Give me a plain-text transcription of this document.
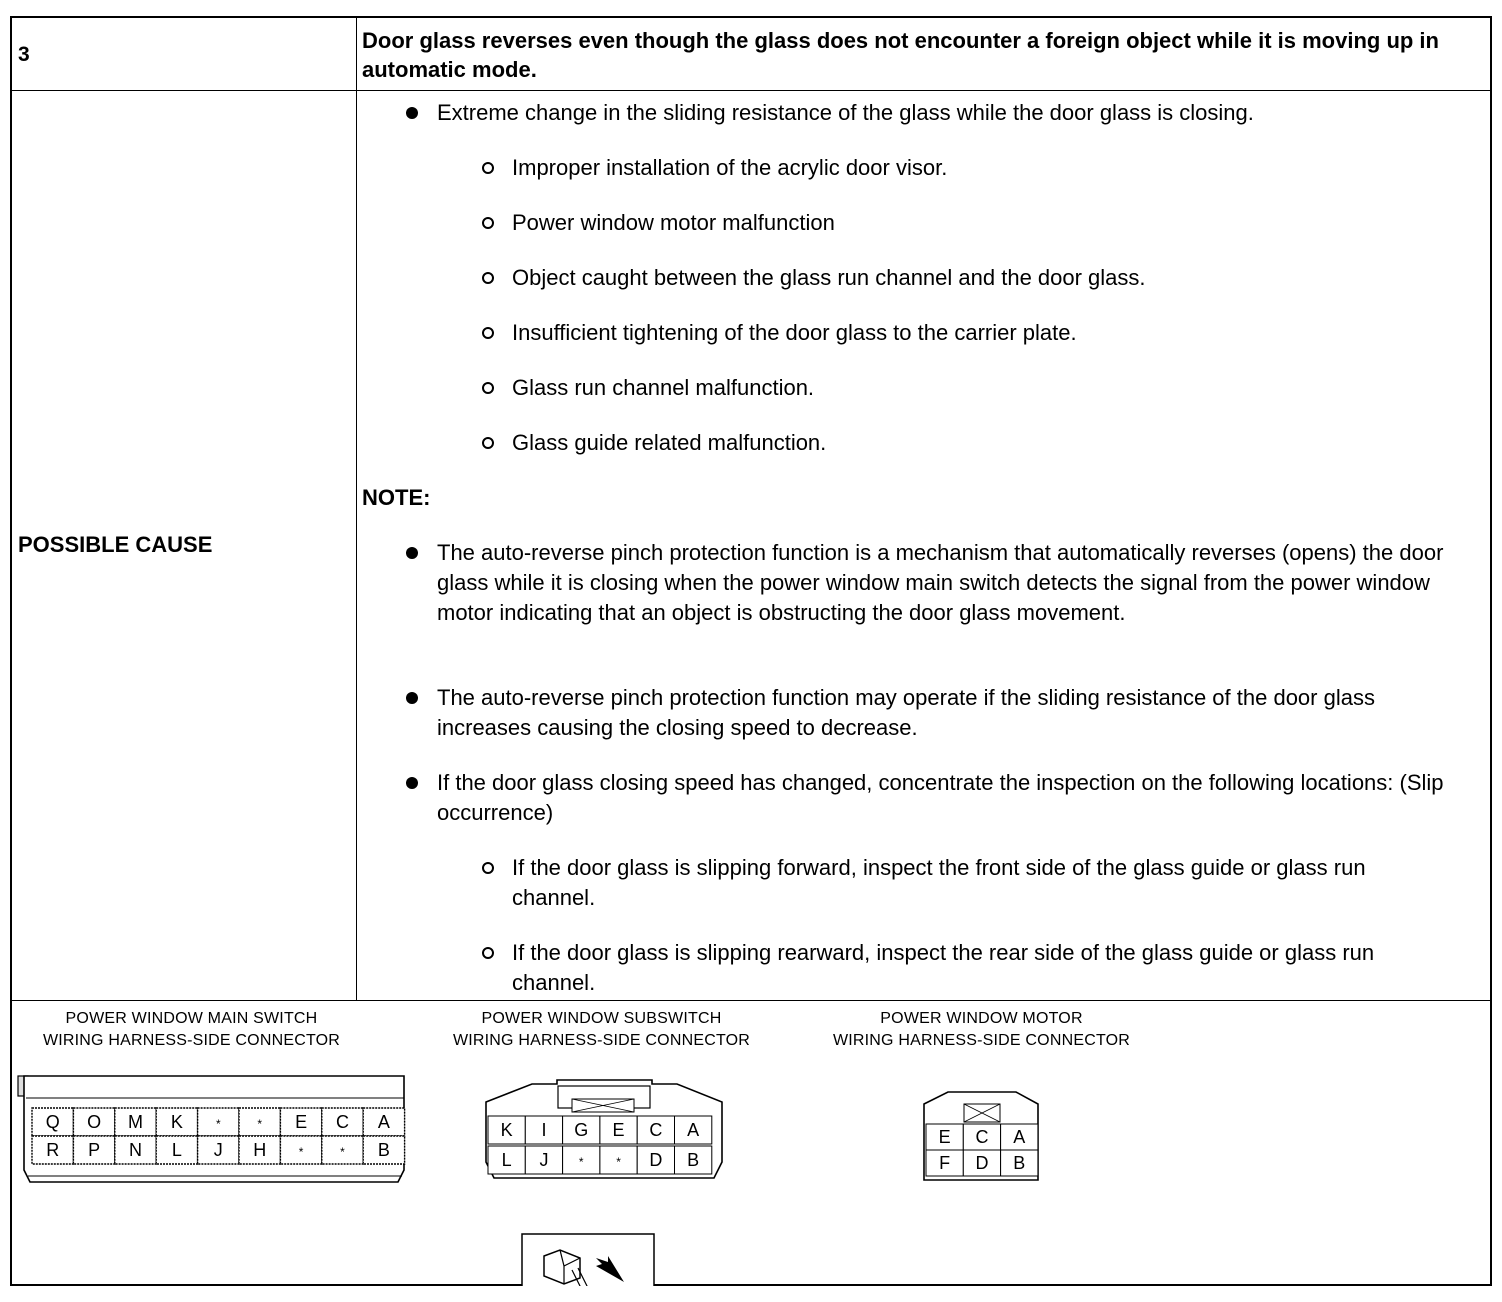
3
Door glass reverses even though the glass does not encounter a foreign object while it is moving up in automatic mode.
POSSIBLE CAUSE
Extreme change in the sliding resistance of the glass while the door glass is closing.
Improper installation of the acrylic door visor.
Power window motor malfunction
Object caught between the glass run channel and the door glass.
Insufficient tightening of the door glass to the carrier plate.
Glass run channel malfunction.
Glass guide related malfunction.
NOTE:
The auto-reverse pinch protection function is a mechanism that automatically reverses (opens) the door glass while it is closing when the power window main switch detects the signal from the power window motor indicating that an object is obstructing the door glass movement.
The auto-reverse pinch protection function may operate if the sliding resistance of the door glass increases causing the closing speed to decrease.
If the door glass closing speed has changed, concentrate the inspection on the following locations: (Slip occurrence)
If the door glass is slipping forward, inspect the front side of the glass guide or glass run channel.
If the door glass is slipping rearward, inspect the rear side of the glass guide or glass run channel.
POWER WINDOW MAIN SWITCH
WIRING HARNESS-SIDE CONNECTOR
POWER WINDOW SUBSWITCH
WIRING HARNESS-SIDE CONNECTOR
POWER WINDOW MOTOR
WIRING HARNESS-SIDE CONNECTOR
Q O M K	*	* E C A
R P N L J H	*	* B
K I G E C A
L J	*	* D B
E C A
F D B
